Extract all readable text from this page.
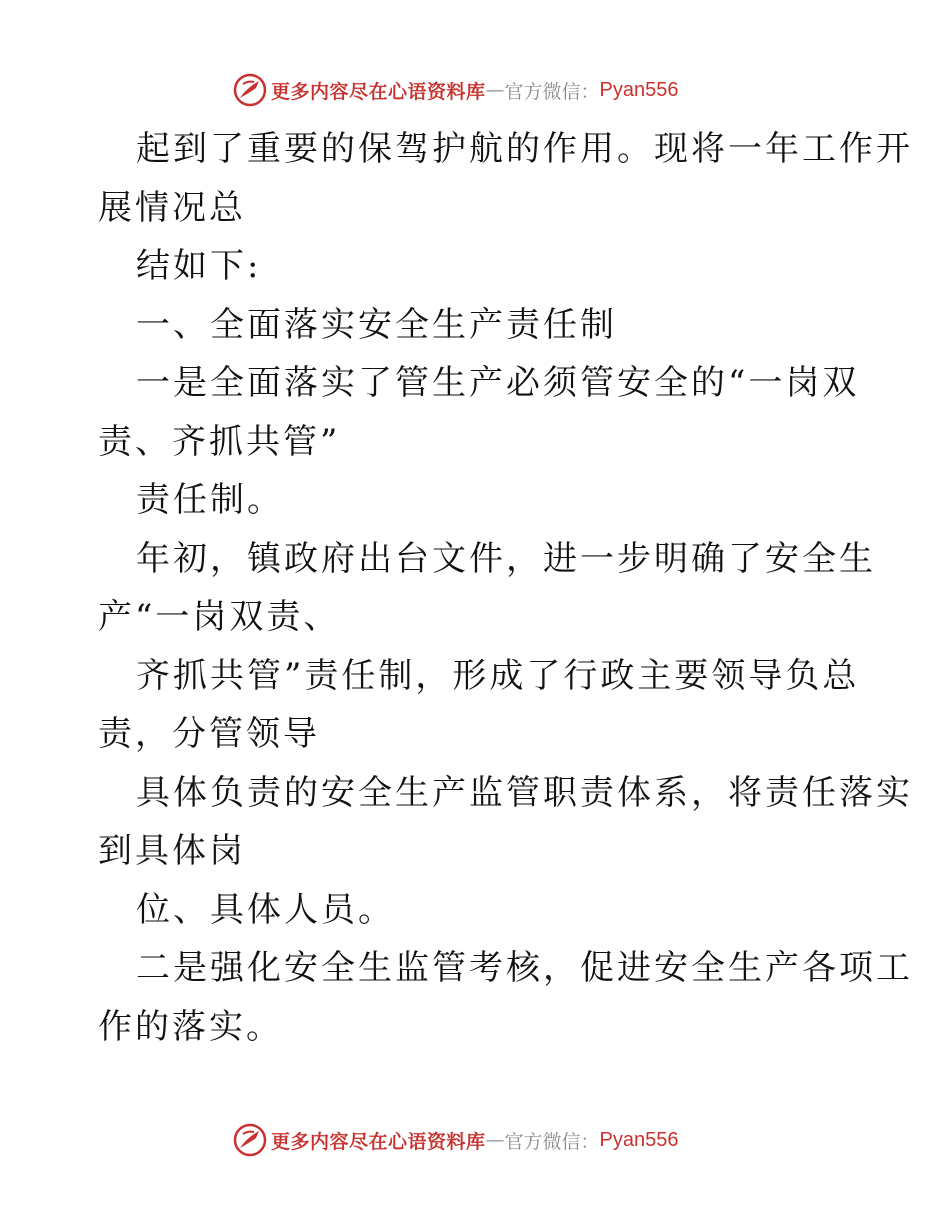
更多内容尽在心语资料库 — 官方微信： Pyan556
起到了重要的保驾护航的作用。现将一年工作开
展情况总
结如下:
一、全面落实安全生产责任制
一是全面落实了管生产必须管安全的“一岗双
责、齐抓共管”
责任制。
年初，镇政府出台文件，进一步明确了安全生
产“一岗双责、
齐抓共管”责任制，形成了行政主要领导负总
责，分管领导
具体负责的安全生产监管职责体系，将责任落实
到具体岗
位、具体人员。
二是强化安全生监管考核，促进安全生产各项工
作的落实。
更多内容尽在心语资料库 — 官方微信： Pyan556
